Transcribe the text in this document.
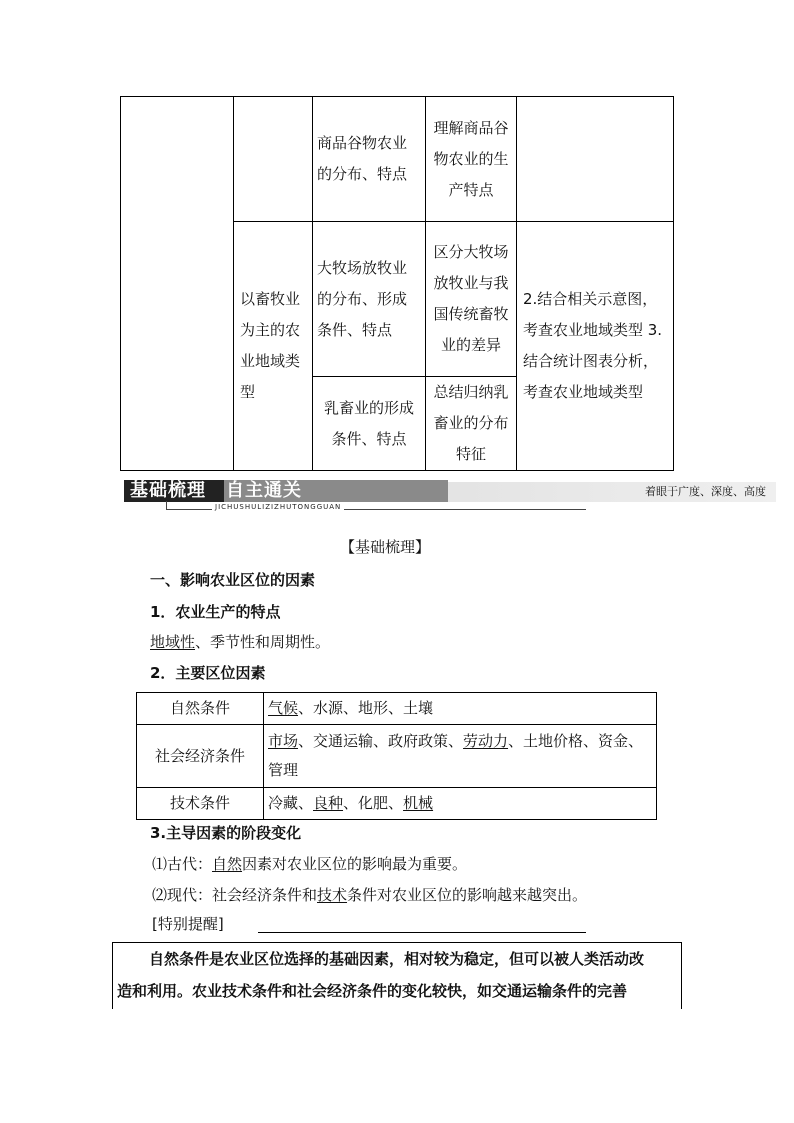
		商品谷物农业的分布、特点	理解商品谷物农业的生产特点	

	以畜牧业为主的农业地域类型	大牧场放牧业的分布、形成条件、特点	区分大牧场放牧业与我国传统畜牧业的差异	2.结合相关示意图，考查农业地域类型 3.结合统计图表分析，考查农业地域类型

		乳畜业的形成条件、特点	总结归纳乳畜业的分布特征	
基础梳理	自主通关	着眼于广度、深度、高度
JICHUSHULIZIZHUTONGGUAN
【基础梳理】
一、影响农业区位的因素
1．农业生产的特点
地域性、季节性和周期性。
2．主要区位因素
自然条件	气候、水源、地形、土壤
社会经济条件	市场、交通运输、政府政策、劳动力、土地价格、资金、
管理
技术条件	冷藏、良种、化肥、机械
3.主导因素的阶段变化
⑴古代：自然因素对农业区位的影响最为重要。
⑵现代：社会经济条件和技术条件对农业区位的影响越来越突出。
[特别提醒]

自然条件是农业区位选择的基础因素，相对较为稳定，但可以被人类活动改

造和利用。农业技术条件和社会经济条件的变化较快，如交通运输条件的完善
